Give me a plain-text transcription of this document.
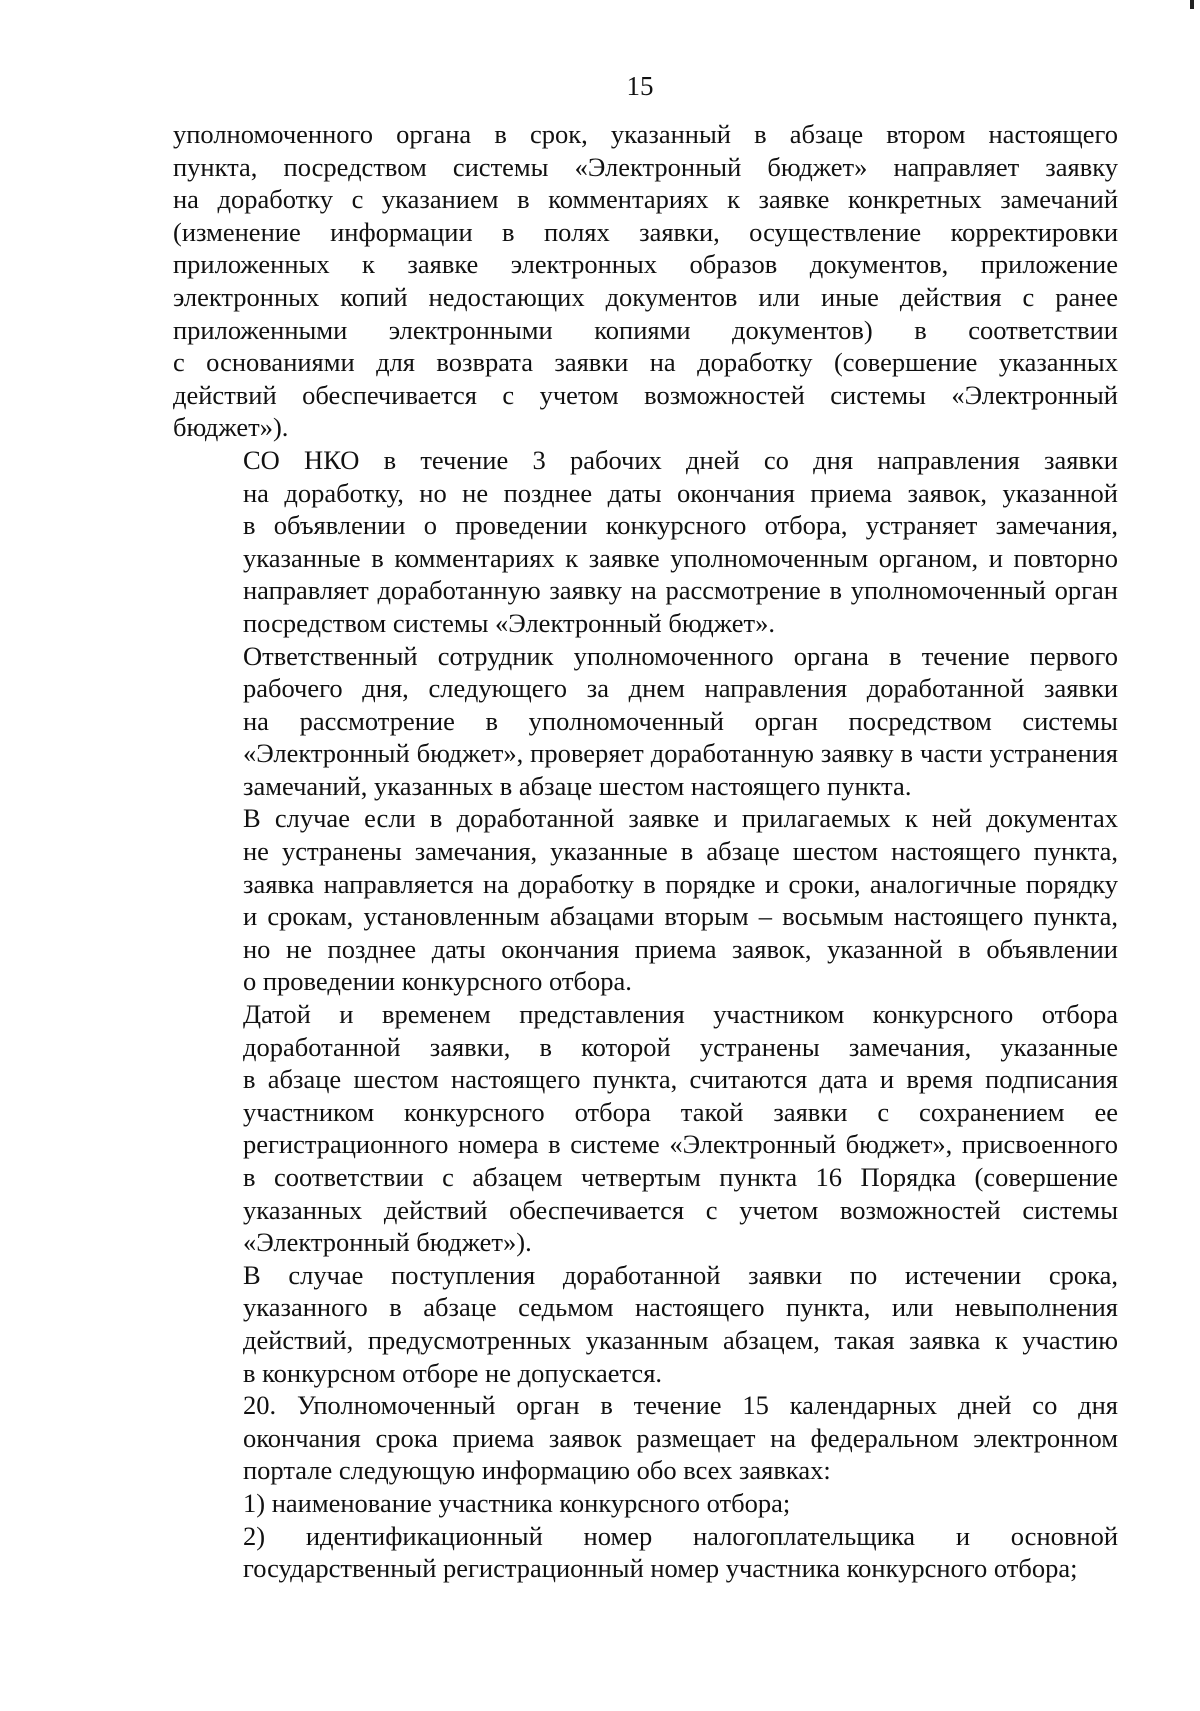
15

уполномоченного органа в срок, указанный в абзаце втором настоящего
пункта, посредством системы «Электронный бюджет» направляет заявку
на доработку с указанием в комментариях к заявке конкретных замечаний
(изменение информации в полях заявки, осуществление корректировки
приложенных к заявке электронных образов документов, приложение
электронных копий недостающих документов или иные действия с ранее
приложенными электронными копиями документов) в соответствии
с основаниями для возврата заявки на доработку (совершение указанных
действий обеспечивается с учетом возможностей системы «Электронный
бюджет»).

СО НКО в течение 3 рабочих дней со дня направления заявки
на доработку, но не позднее даты окончания приема заявок, указанной
в объявлении о проведении конкурсного отбора, устраняет замечания,
указанные в комментариях к заявке уполномоченным органом, и повторно
направляет доработанную заявку на рассмотрение в уполномоченный орган
посредством системы «Электронный бюджет».

Ответственный сотрудник уполномоченного органа в течение первого
рабочего дня, следующего за днем направления доработанной заявки
на рассмотрение в уполномоченный орган посредством системы
«Электронный бюджет», проверяет доработанную заявку в части устранения
замечаний, указанных в абзаце шестом настоящего пункта.

В случае если в доработанной заявке и прилагаемых к ней документах
не устранены замечания, указанные в абзаце шестом настоящего пункта,
заявка направляется на доработку в порядке и сроки, аналогичные порядку
и срокам, установленным абзацами вторым – восьмым настоящего пункта,
но не позднее даты окончания приема заявок, указанной в объявлении
о проведении конкурсного отбора.

Датой и временем представления участником конкурсного отбора
доработанной заявки, в которой устранены замечания, указанные
в абзаце шестом настоящего пункта, считаются дата и время подписания
участником конкурсного отбора такой заявки с сохранением ее
регистрационного номера в системе «Электронный бюджет», присвоенного
в соответствии с абзацем четвертым пункта 16 Порядка (совершение
указанных действий обеспечивается с учетом возможностей системы
«Электронный бюджет»).

В случае поступления доработанной заявки по истечении срока,
указанного в абзаце седьмом настоящего пункта, или невыполнения
действий, предусмотренных указанным абзацем, такая заявка к участию
в конкурсном отборе не допускается.

20. Уполномоченный орган в течение 15 календарных дней со дня
окончания срока приема заявок размещает на федеральном электронном
портале следующую информацию обо всех заявках:

1) наименование участника конкурсного отбора;

2) идентификационный номер налогоплательщика и основной
государственный регистрационный номер участника конкурсного отбора;
